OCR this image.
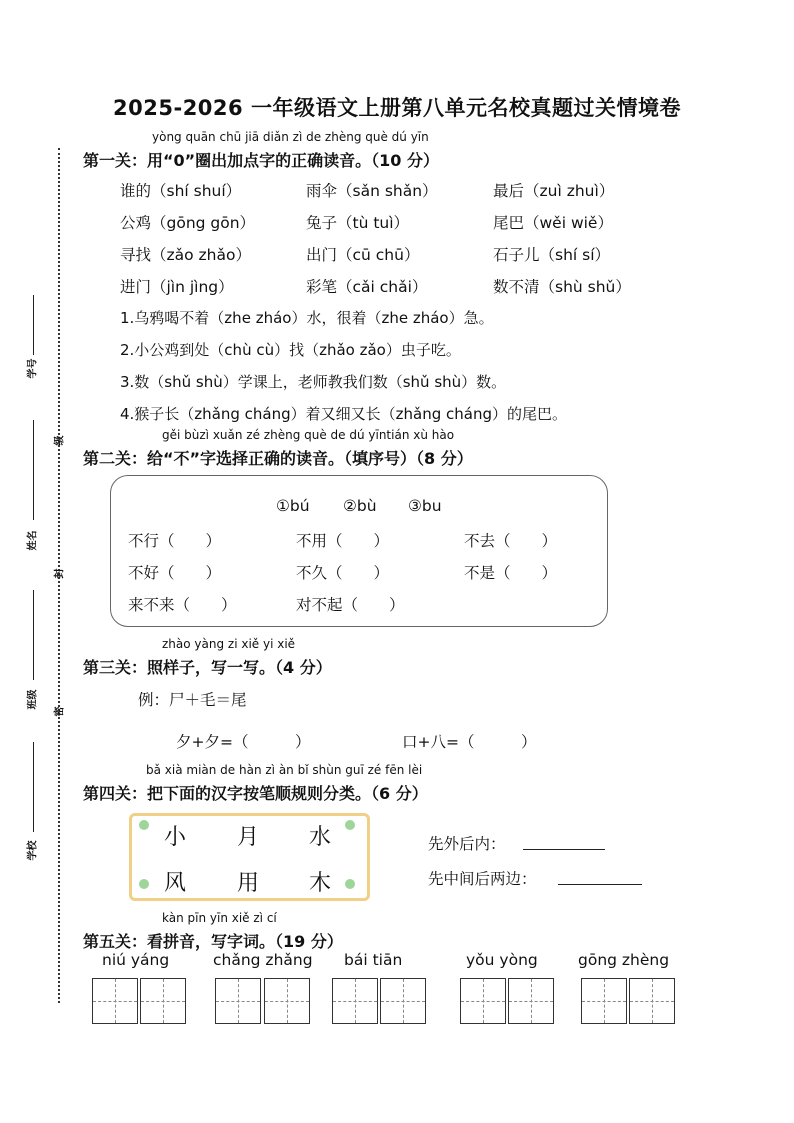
2025-2026 一年级语文上册第八单元名校真题过关情境卷
学号
级
姓名
封
班级
密
学校
yòng quān chū jiā diǎn zì de zhèng què dú yīn
第一关：用“0”圈出加点字的正确读音。（10 分）
谁的（shí shuí）	雨伞（sǎn shǎn）	最后（zuì zhuì）
公鸡（gōng gōn）	兔子（tù tuì）	尾巴（wěi wiě）
寻找（zǎo zhǎo）	出门（cū chū）	石子儿（shí sí）
进门（jìn jìng）	彩笔（cǎi chǎi）	数不清（shù shǔ）
1.乌鸦喝不着（zhe zháo）水，很着（zhe zháo）急。
2.小公鸡到处（chù cù）找（zhǎo zǎo）虫子吃。
3.数（shǔ shù）学课上，老师教我们数（shǔ shù）数。
4.猴子长（zhǎng cháng）着又细又长（zhǎng cháng）的尾巴。
gěi bùzì xuǎn zé zhèng què de dú yīntián xù hào
第二关：给“不”字选择正确的读音。（填序号）（8 分）
①bú ②bù ③bu
不行（　　）	不用（　　）	不去（　　）
不好（　　）	不久（　　）	不是（　　）
来不来（　　）	对不起（　　）
zhào yàng zi xiě yi xiě
第三关：照样子，写一写。（4 分）
例：尸＋毛＝尾
夕+夕=（　　　）	口+八=（　　　）
bǎ xià miàn de hàn zì àn bǐ shùn guī zé fēn lèi
第四关：把下面的汉字按笔顺规则分类。（6 分）
小 月 水
风 用 木
先外后内：
先中间后两边：
kàn pīn yīn xiě zì cí
第五关：看拼音，写字词。（19 分）
niú yáng	chǎng zhǎng bái tiān	yǒu yòng	gōng zhèng
